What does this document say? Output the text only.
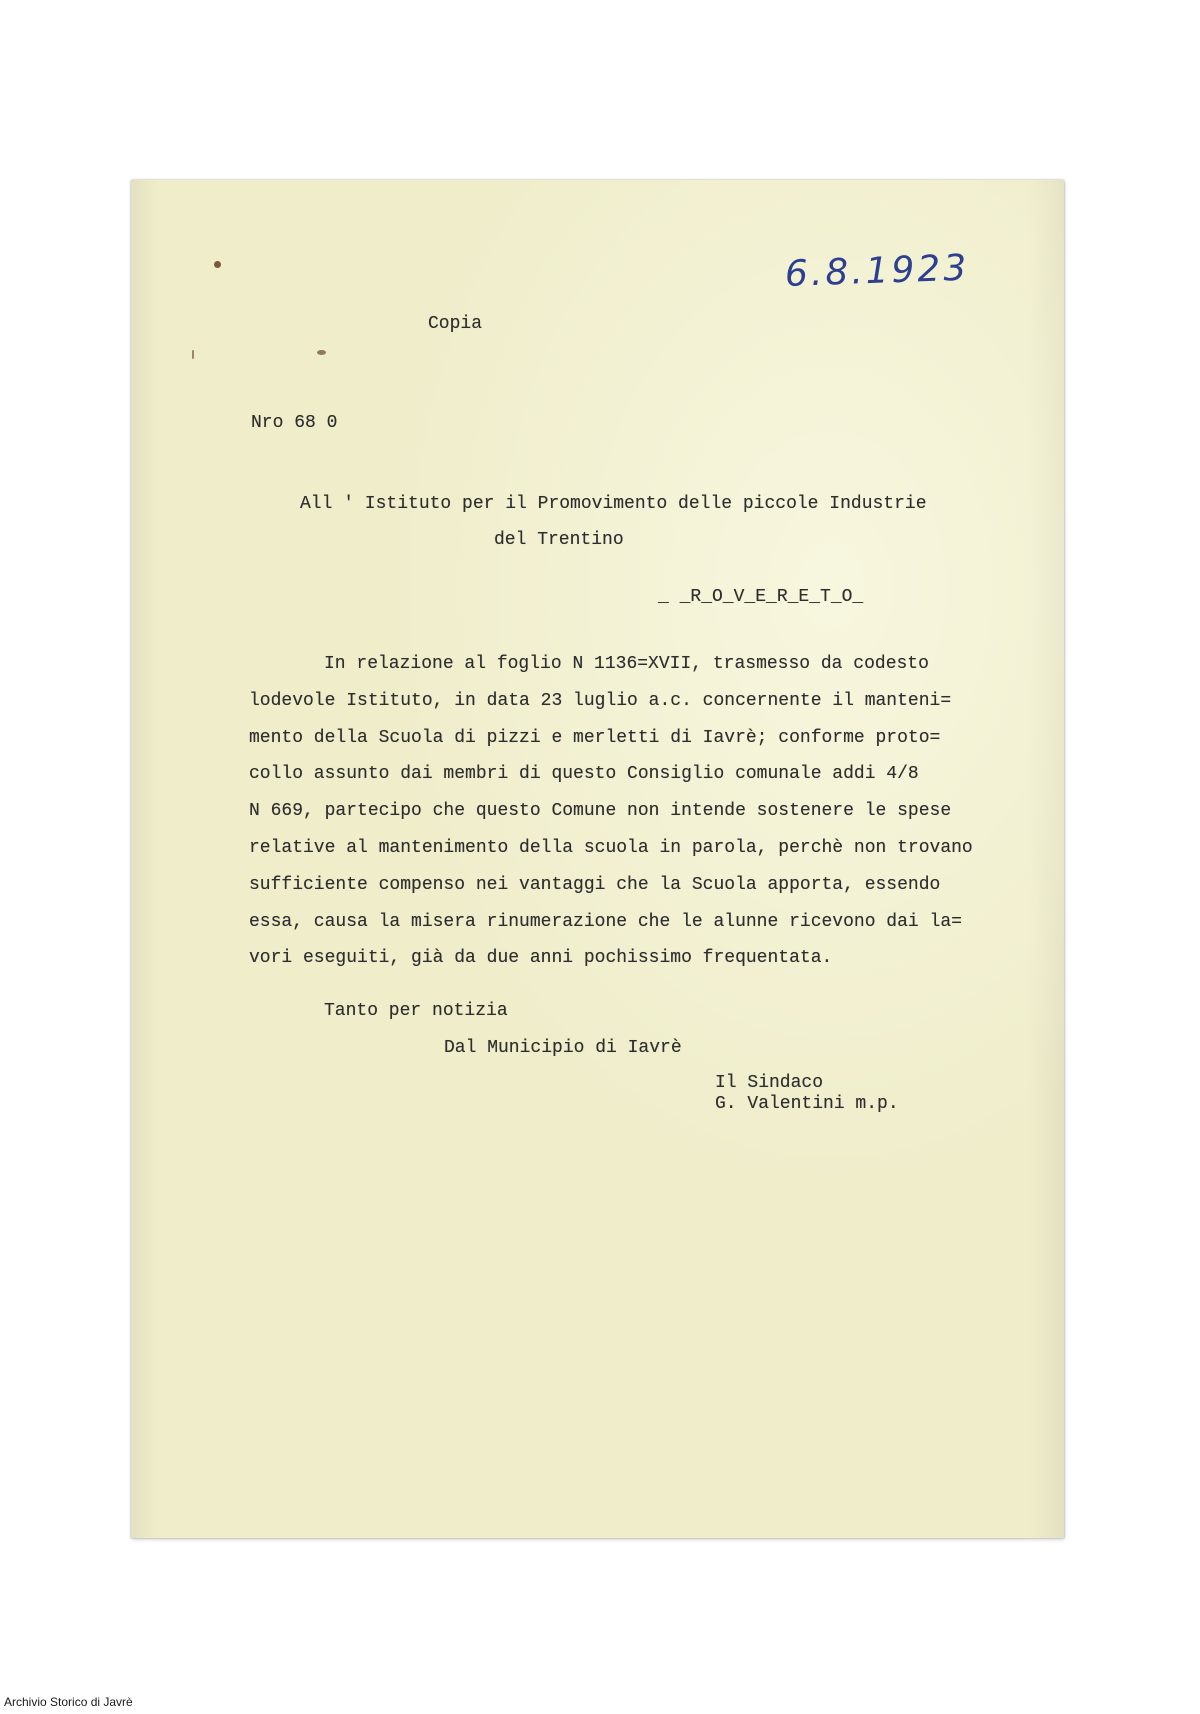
6.8.1923
Copia
Nro 68 0
All ' Istituto per il Promovimento delle piccole Industrie
del Trentino
_ _R_O_V_E_R_E_T_O_
In relazione al foglio N 1136=XVII, trasmesso da codesto
lodevole Istituto, in data 23 luglio a.c. concernente il manteni=
mento della Scuola di pizzi e merletti di Iavrè; conforme proto=
collo assunto dai membri di questo Consiglio comunale addi 4/8
N 669, partecipo che questo Comune non intende sostenere le spese
relative al mantenimento della scuola in parola, perchè non trovano
sufficiente compenso nei vantaggi che la Scuola apporta, essendo
essa, causa la misera rinumerazione che le alunne ricevono dai la=
vori eseguiti, già da due anni pochissimo frequentata.
Tanto per notizia
Dal Municipio di Iavrè
Il Sindaco
G. Valentini m.p.
Archivio Storico di Javrè
